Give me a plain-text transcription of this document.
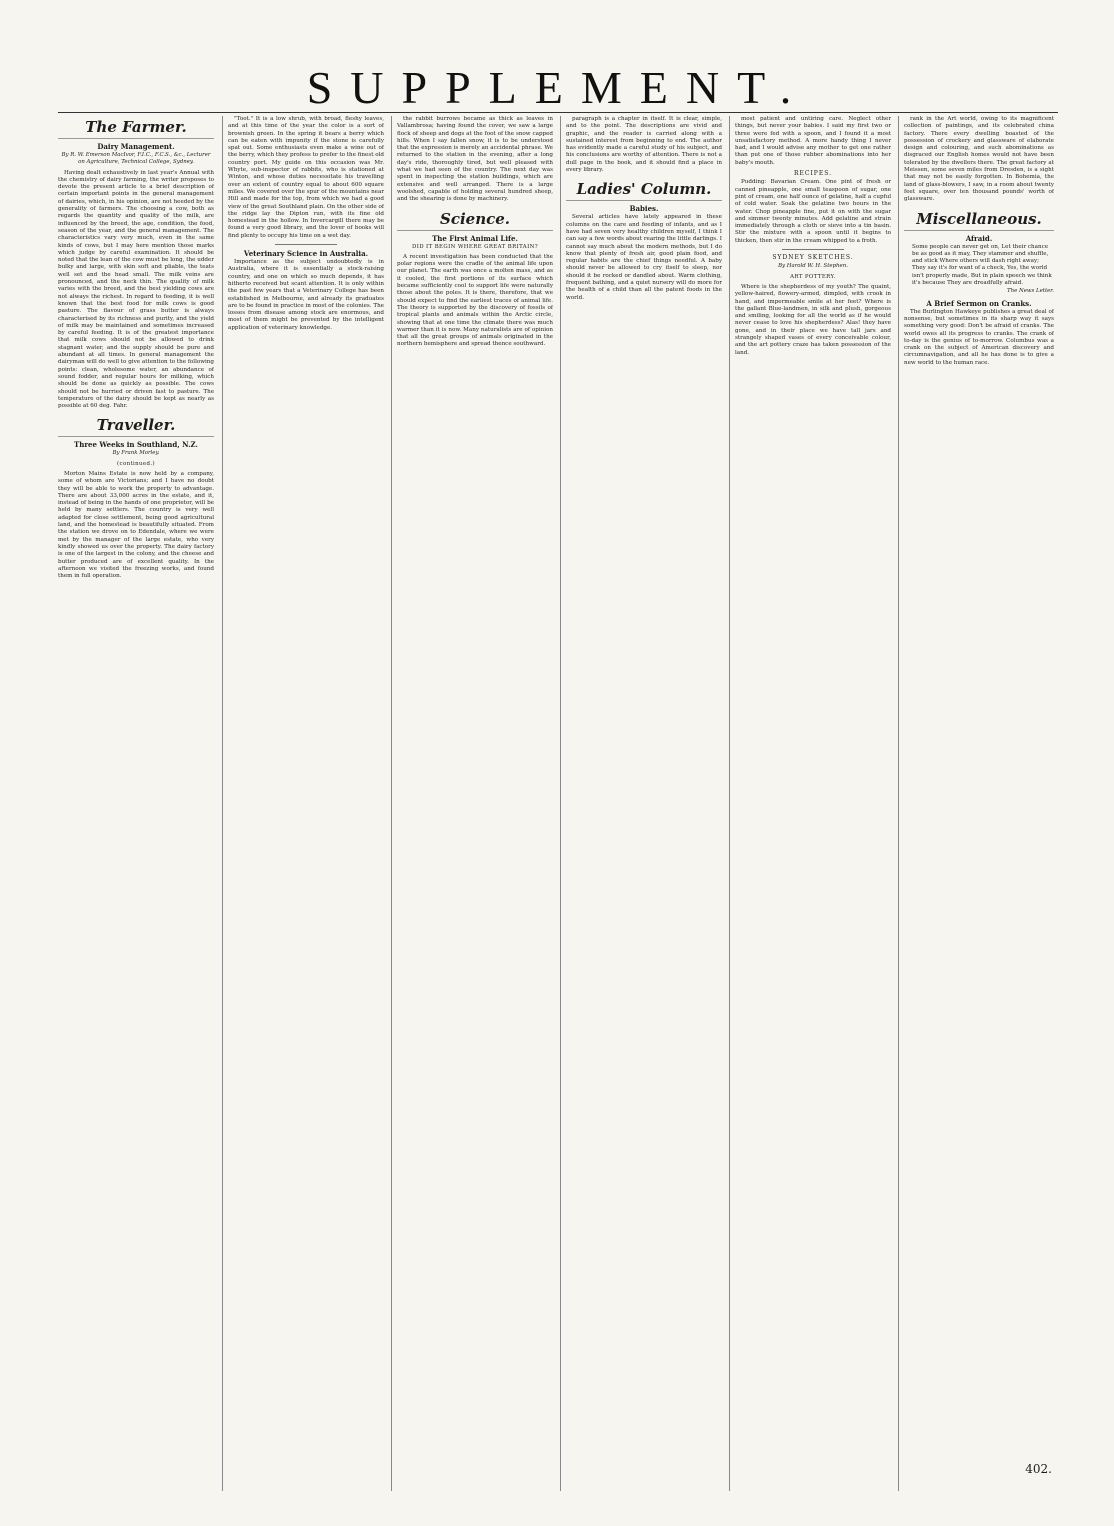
SUPPLEMENT.
The Farmer.
Dairy Management.
By R. W. Emerson MacIvor, F.I.C., F.C.S., &c., Lecturer on Agriculture, Technical College, Sydney.

Having dealt exhaustively in last year's Annual with the chemistry of dairy farming, the writer proposes to devote the present article to a brief description of certain important points in the general management of dairies, which, in his opinion, are not heeded by the generality of farmers. The choosing a cow, both as regards the quantity and quality of the milk, are influenced by the breed, the age, condition, the food, season of the year, and the general management. The characteristics vary very much, even in the same kinds of cows, but I may here mention those marks which judge by careful examination. It should be noted that the lean of the cow must be long, the udder bulky and large, with skin soft and pliable, the teats well set and the head small. The milk veins are pronounced, and the neck thin. The quality of milk varies with the breed, and the best yielding cows are not always the richest. In regard to feeding, it is well known that the best food for milk cows is good pasture. The flavour of grass butter is always characterised by its richness and purity, and the yield of milk may be maintained and sometimes increased by careful feeding. It is of the greatest importance that milk cows should not be allowed to drink stagnant water, and the supply should be pure and abundant at all times. In general management the dairyman will do well to give attention to the following points: clean, wholesome water, an abundance of sound fodder, and regular hours for milking, which should be done as quickly as possible. The cows should not be hurried or driven fast to pasture. The temperature of the dairy should be kept as nearly as possible at 60 deg. Fahr.

Traveller.
Three Weeks in Southland, N.Z.
By Frank Morley.
(continued.)

Morton Mains Estate is now held by a company, some of whom are Victorians; and I have no doubt they will be able to work the property to advantage. There are about 33,000 acres in the estate, and it, instead of being in the hands of one proprietor, will be held by many settlers. The country is very well adapted for close settlement, being good agricultural land, and the homestead is beautifully situated. From the station we drove on to Edendale, where we were met by the manager of the large estate, who very kindly showed us over the property. The dairy factory is one of the largest in the colony, and the cheese and butter produced are of excellent quality. In the afternoon we visited the freezing works, and found them in full operation.

"Toot." It is a low shrub, with broad, fleshy leaves, and at this time of the year the color is a sort of brownish green. In the spring it bears a berry which can be eaten with impunity if the stone is carefully spat out. Some enthusiasts even make a wine out of the berry, which they profess to prefer to the finest old country port. My guide on this occasion was Mr. Whyte, sub-inspector of rabbits, who is stationed at Winton, and whose duties necessitate his travelling over an extent of country equal to about 600 square miles. We covered over the spur of the mountains near Hill and made for the top, from which we had a good view of the great Southland plain. On the other side of the ridge lay the Dipton run, with its fine old homestead in the hollow. In Invercargill there may be found a very good library, and the lover of books will find plenty to occupy his time on a wet day.

Veterinary Science in Australia.

Importance as the subject undoubtedly is in Australia, where it is essentially a stock-raising country, and one on which so much depends, it has hitherto received but scant attention. It is only within the past few years that a Veterinary College has been established in Melbourne, and already its graduates are to be found in practice in most of the colonies. The losses from disease among stock are enormous, and most of them might be prevented by the intelligent application of veterinary knowledge.

the rabbit burrows became as thick as leaves in Vallambrosa; having found the cover, we saw a large flock of sheep and dogs at the foot of the snow capped hills. When I say fallen snow, it is to be understood that the expression is merely an accidental phrase. We returned to the station in the evening, after a long day's ride, thoroughly tired, but well pleased with what we had seen of the country. The next day was spent in inspecting the station buildings, which are extensive and well arranged. There is a large woolshed, capable of holding several hundred sheep, and the shearing is done by machinery.

Science.
The First Animal Life.
DID IT BEGIN WHERE GREAT BRITAIN?

A recent investigation has been conducted that the polar regions were the cradle of the animal life upon our planet. The earth was once a molten mass, and as it cooled, the first portions of its surface which became sufficiently cool to support life were naturally those about the poles. It is there, therefore, that we should expect to find the earliest traces of animal life. The theory is supported by the discovery of fossils of tropical plants and animals within the Arctic circle, showing that at one time the climate there was much warmer than it is now. Many naturalists are of opinion that all the great groups of animals originated in the northern hemisphere and spread thence southward.

paragraph is a chapter in itself. It is clear, simple, and to the point. The descriptions are vivid and graphic, and the reader is carried along with a sustained interest from beginning to end. The author has evidently made a careful study of his subject, and his conclusions are worthy of attention. There is not a dull page in the book, and it should find a place in every library.

Ladies' Column.
Babies.

Several articles have lately appeared in these columns on the care and feeding of infants, and as I have had seven very healthy children myself, I think I can say a few words about rearing the little darlings. I cannot say much about the modern methods, but I do know that plenty of fresh air, good plain food, and regular habits are the chief things needful. A baby should never be allowed to cry itself to sleep, nor should it be rocked or dandled about. Warm clothing, frequent bathing, and a quiet nursery will do more for the health of a child than all the patent foods in the world.

most patient and untiring care. Neglect other things, but never your babies. I said my first two or three were fed with a spoon, and I found it a most unsatisfactory method. A more handy thing I never had, and I would advise any mother to get one rather than put one of those rubber abominations into her baby's mouth.

RECIPES.

Pudding: Bavarian Cream. One pint of fresh or canned pineapple, one small teaspoon of sugar, one pint of cream, one half ounce of gelatine, half a cupful of cold water. Soak the gelatine two hours in the water. Chop pineapple fine, put it on with the sugar and simmer twenty minutes. Add gelatine and strain immediately through a cloth or sieve into a tin basin. Stir the mixture with a spoon until it begins to thicken, then stir in the cream whipped to a froth.

SYDNEY SKETCHES.
By Harold W. H. Stephen.
ART POTTERY.

Where is the shepherdess of my youth? The quaint, yellow-haired, flowery-armed, dimpled, with crook in hand, and impermeable smile at her feet? Where is the gallant Blue-landmen, in silk and plush, gorgeous and smiling, looking for all the world as if he would never cease to love his shepherdess? Alas! they have gone, and in their place we have tall jars and strangely shaped vases of every conceivable colour, and the art pottery craze has taken possession of the land.

rank in the Art world, owing to its magnificent collection of paintings, and its celebrated china factory. There every dwelling boasted of the possession of crockery and glassware of elaborate design and colouring, and such abominations as disgraced our English homes would not have been tolerated by the dwellers there. The great factory at Meissen, some seven miles from Dresden, is a sight that may not be easily forgotten. In Bohemia, the land of glass-blowers, I saw, in a room about twenty feet square, over ten thousand pounds' worth of glassware.

Miscellaneous.
Afraid.

Some people can never get on, Let their chance be as good as it may, They stammer and shuffle, and stick Where others will dash right away; They say it's for want of a check, Yes, the world isn't properly made, But in plain speech we think it's because They are dreadfully afraid.

The News Letter.
A Brief Sermon on Cranks.

The Burlington Hawkeye publishes a great deal of nonsense, but sometimes in its sharp way it says something very good: Don't be afraid of cranks. The world owes all its progress to cranks. The crank of to-day is the genius of to-morrow. Columbus was a crank on the subject of American discovery and circumnavigation, and all he has done is to give a new world to the human race.

402.
